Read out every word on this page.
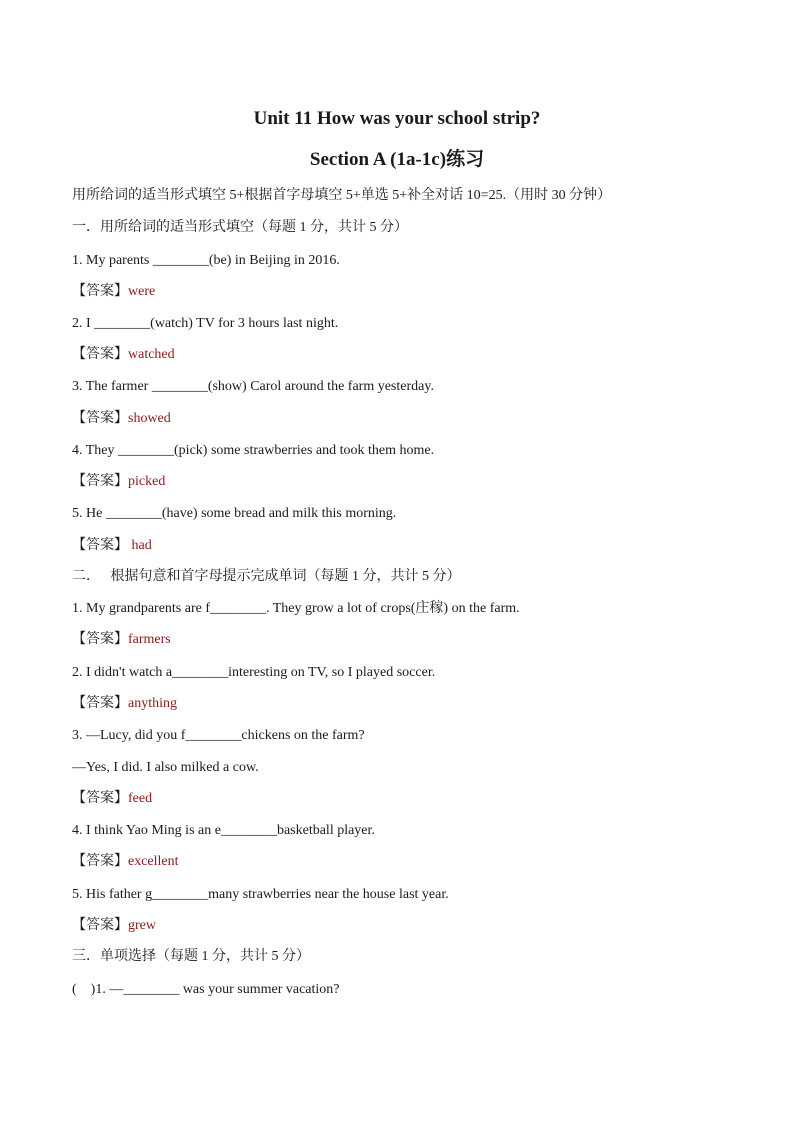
Unit 11 How was your school strip?
Section A (1a-1c)练习
用所给词的适当形式填空 5+根据首字母填空 5+单选 5+补全对话 10=25.（用时 30 分钟）
一．用所给词的适当形式填空（每题 1 分，共计 5 分）
1. My parents ________(be) in Beijing in 2016.
【答案】were
2. I ________(watch) TV for 3 hours last night.
【答案】watched
3. The farmer ________(show) Carol around the farm yesterday.
【答案】showed
4. They ________(pick) some strawberries and took them home.
【答案】picked
5. He ________(have) some bread and milk this morning.
【答案】 had
二．   根据句意和首字母提示完成单词（每题 1 分，共计 5 分）
1. My grandparents are f________. They grow a lot of crops(庄稼) on the farm.
【答案】farmers
2. I didn't watch a________interesting on TV, so I played soccer.
【答案】anything
3. —Lucy, did you f________chickens on the farm?
—Yes, I did. I also milked a cow.
【答案】feed
4. I think Yao Ming is an e________basketball player.
【答案】excellent
5. His father g________many strawberries near the house last year.
【答案】grew
三．单项选择（每题 1 分，共计 5 分）
(    )1. —________ was your summer vacation?
